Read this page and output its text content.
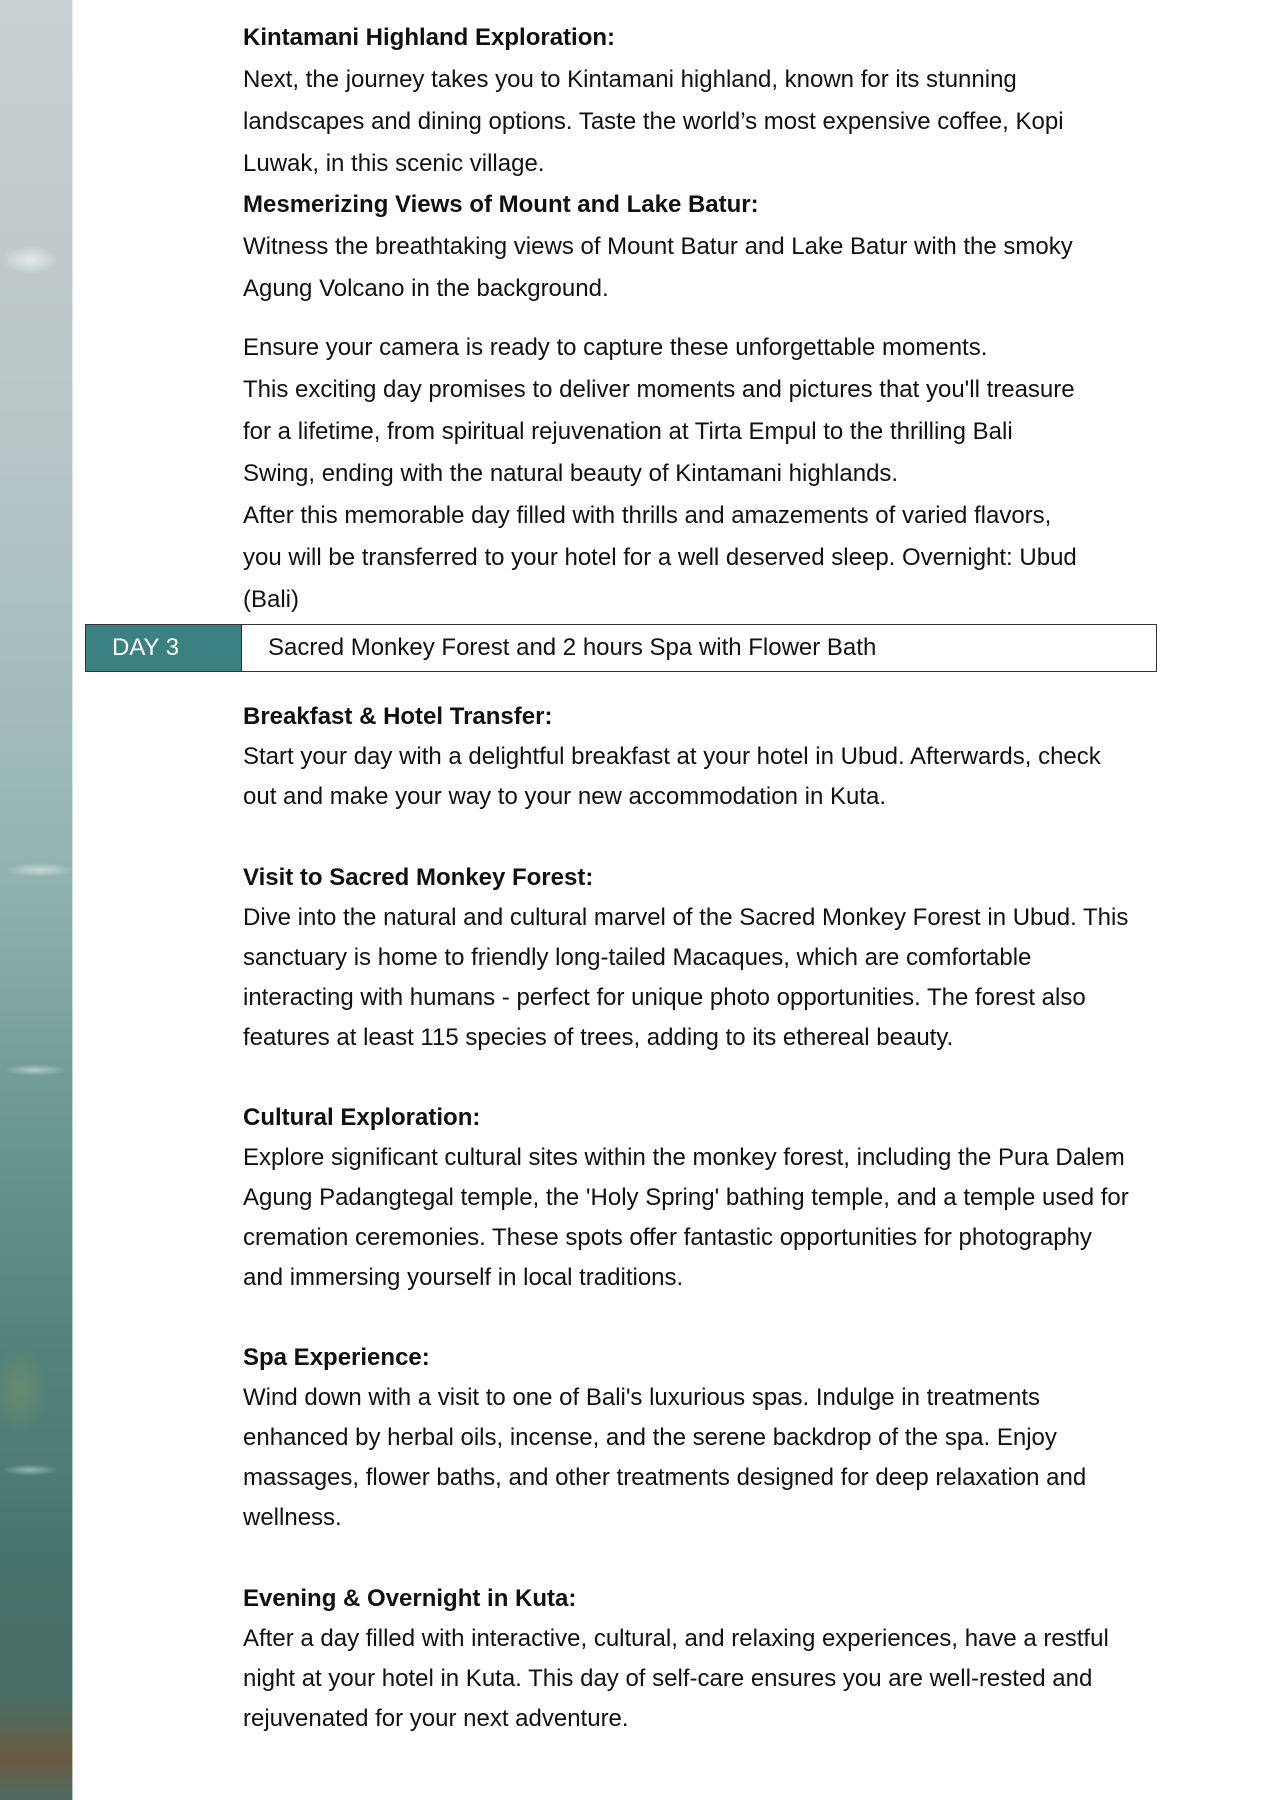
Kintamani Highland Exploration:
Next, the journey takes you to Kintamani highland, known for its stunning
landscapes and dining options. Taste the world’s most expensive coffee, Kopi
Luwak, in this scenic village.
Mesmerizing Views of Mount and Lake Batur:
Witness the breathtaking views of Mount Batur and Lake Batur with the smoky
Agung Volcano in the background.
Ensure your camera is ready to capture these unforgettable moments.
This exciting day promises to deliver moments and pictures that you'll treasure
for a lifetime, from spiritual rejuvenation at Tirta Empul to the thrilling Bali
Swing, ending with the natural beauty of Kintamani highlands.
After this memorable day filled with thrills and amazements of varied flavors,
you will be transferred to your hotel for a well deserved sleep. Overnight: Ubud
(Bali)
Breakfast & Hotel Transfer:
Start your day with a delightful breakfast at your hotel in Ubud. Afterwards, check
out and make your way to your new accommodation in Kuta.
Visit to Sacred Monkey Forest:
Dive into the natural and cultural marvel of the Sacred Monkey Forest in Ubud. This
sanctuary is home to friendly long-tailed Macaques, which are comfortable
interacting with humans - perfect for unique photo opportunities. The forest also
features at least 115 species of trees, adding to its ethereal beauty.
Cultural Exploration:
Explore significant cultural sites within the monkey forest, including the Pura Dalem
Agung Padangtegal temple, the 'Holy Spring' bathing temple, and a temple used for
cremation ceremonies. These spots offer fantastic opportunities for photography
and immersing yourself in local traditions.
Spa Experience:
Wind down with a visit to one of Bali's luxurious spas. Indulge in treatments
enhanced by herbal oils, incense, and the serene backdrop of the spa. Enjoy
massages, flower baths, and other treatments designed for deep relaxation and
wellness.
Evening & Overnight in Kuta:
After a day filled with interactive, cultural, and relaxing experiences, have a restful
night at your hotel in Kuta. This day of self-care ensures you are well-rested and
rejuvenated for your next adventure.
DAY 3	Sacred Monkey Forest and 2 hours Spa with Flower Bath
